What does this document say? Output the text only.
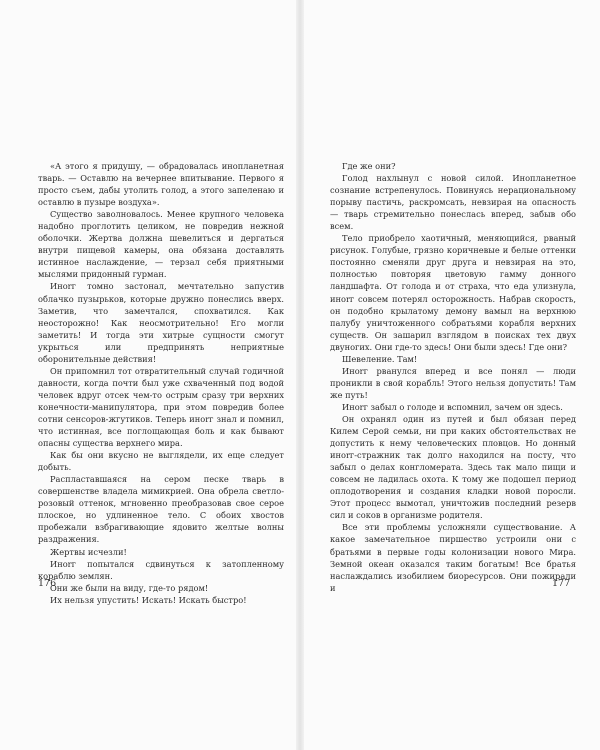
«А этого я придушу, — обрадовалась инопланетная тварь. — Оставлю на вечернее впитывание. Первого я просто съем, дабы утолить голод, а этого запеленаю и оставлю в пузыре воздуха».

Существо заволновалось. Менее крупного человека надобно проглотить целиком, не повредив нежной оболочки. Жертва должна шевелиться и дергаться внутри пищевой камеры, она обязана доставлять истинное наслаждение, — терзал себя приятными мыслями придонный гурман.

Иноrг томно застонал, мечтательно запустив облачко пузырьков, которые дружно понеслись вверх. Заметив, что замечтался, спохватился. Как неосторожно! Как неосмотрительно! Его могли заметить! И тогда эти хитрые сущности смогут укрыться или предпринять неприятные оборонительные действия!

Он припомнил тот отвратительный случай годичной давности, когда почти был уже схваченный под водой человек вдруг отсек чем-то острым сразу три верхних конечности-манипулятора, при этом повредив более сотни сенсоров-жгутиков. Теперь иноrг знал и помнил, что истинная, все поглощающая боль и как бывают опасны существа верхнего мира.

Как бы они вкусно не выглядели, их еще следует добыть.

Распластавшаяся на сером песке тварь в совершенстве владела мимикрией. Она обрела светло-розовый оттенок, мгновенно преобразовав свое серое плоское, но удлиненное тело. С обоих хвостов пробежали взбрагивающие ядовито желтые волны раздражения.

Жертвы исчезли!

Иноrг попытался сдвинуться к затопленному кораблю землян.

Они же были на виду, где-то рядом!

Их нельзя упустить! Искать! Искать быстро!

176

Где же они?

Голод нахлынул с новой силой. Инопланетное сознание встрепенулось. Повинуясь нерациональному порыву пастичь, раскромсать, невзирая на опасность — тварь стремительно понеслась вперед, забыв обо всем.

Тело приобрело хаотичный, меняющийся, рваный рисунок. Голубые, грязно коричневые и белые оттенки постоянно сменяли друг друга и невзирая на это, полностью повторяя цветовую гамму донного ландшафта. От голода и от страха, что еда улизнула, иноrг совсем потерял осторожность. Набрав скорость, он подобно крылатому демону вамыл на верхнюю палубу уничтоженного собратьями корабля верхних существ. Он зашарил взглядом в поисках тех двух двуногих. Они где-то здесь! Они были здесь! Где они?

Шевеление. Там!

Иноrг рванулся вперед и все понял — люди проникли в свой корабль! Этого нельзя допустить! Там же путь!

Иноrг забыл о голоде и вспомнил, зачем он здесь.

Он охранял один из путей и был обязан перед Килем Серой семьи, ни при каких обстоятельствах не допустить к нему человеческих пловцов. Но донный иноrг-стражник так долго находился на посту, что забыл о делах конгломерата. Здесь так мало пищи и совсем не ладилась охота. К тому же подошел период оплодотворения и создания кладки новой поросли. Этот процесс вымотал, уничтожив последний резерв сил и соков в организме родителя.

Все эти проблемы усложняли существование. А какое замечательное пиршество устроили они с братьями в первые годы колонизации нового Мира. Земной океан оказался таким богатым! Все братья наслаждались изобилием биоресурсов. Они пожирали и	177
